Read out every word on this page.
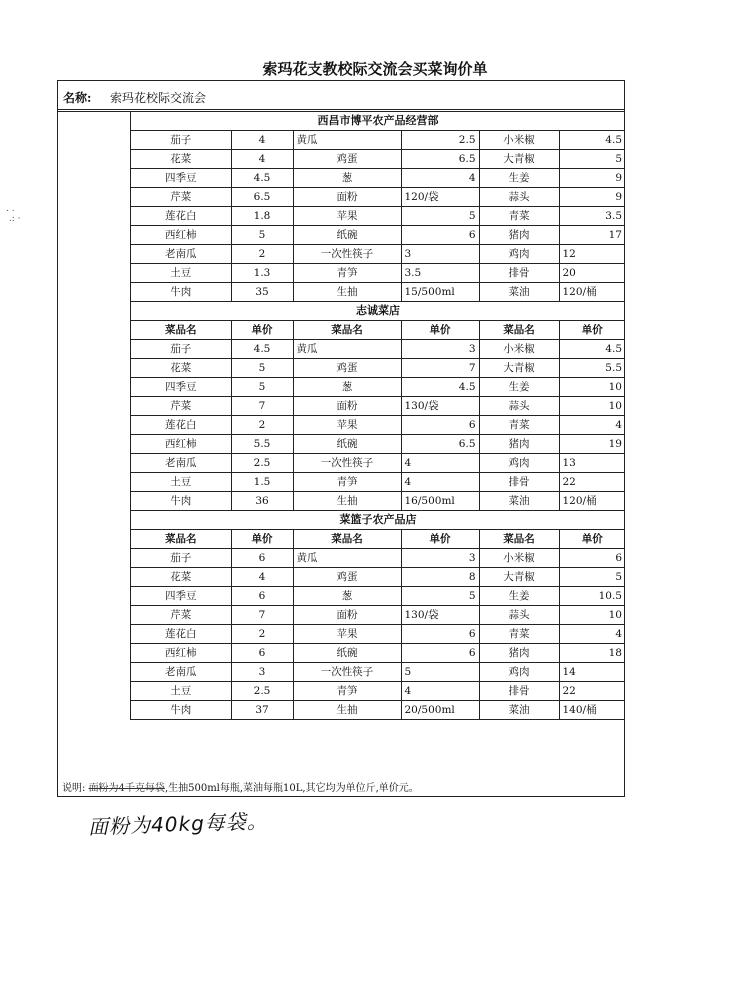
索玛花支教校际交流会买菜询价单
名称: 索玛花校际交流会
西昌市博平农产品经营部
茄子	4	黄瓜	2.5	小米椒	4.5
花菜	4	鸡蛋	6.5	大青椒	5
四季豆	4.5	葱	4	生姜	9
芹菜	6.5	面粉	120/袋	蒜头	9
莲花白	1.8	苹果	5	青菜	3.5
西红柿	5	纸碗	6	猪肉	17
老南瓜	2	一次性筷子	3	鸡肉	12
土豆	1.3	青笋	3.5	排骨	20
牛肉	35	生抽	15/500ml	菜油	120/桶
志诚菜店
菜品名	单价	菜品名	单价	菜品名	单价
茄子	4.5	黄瓜	3	小米椒	4.5
花菜	5	鸡蛋	7	大青椒	5.5
四季豆	5	葱	4.5	生姜	10
芹菜	7	面粉	130/袋	蒜头	10
莲花白	2	苹果	6	青菜	4
西红柿	5.5	纸碗	6.5	猪肉	19
老南瓜	2.5	一次性筷子	4	鸡肉	13
土豆	1.5	青笋	4	排骨	22
牛肉	36	生抽	16/500ml	菜油	120/桶
菜篮子农产品店
菜品名	单价	菜品名	单价	菜品名	单价
茄子	6	黄瓜	3	小米椒	6
花菜	4	鸡蛋	8	大青椒	5
四季豆	6	葱	5	生姜	10.5
芹菜	7	面粉	130/袋	蒜头	10
莲花白	2	苹果	6	青菜	4
西红柿	6	纸碗	6	猪肉	18
老南瓜	3	一次性筷子	5	鸡肉	14
土豆	2.5	青笋	4	排骨	22
牛肉	37	生抽	20/500ml	菜油	140/桶
说明: 面粉为4千克每袋,生抽500ml每瓶,菜油每瓶10L,其它均为单位斤,单价元。
面粉为40kg每袋。
. .
.: ·
